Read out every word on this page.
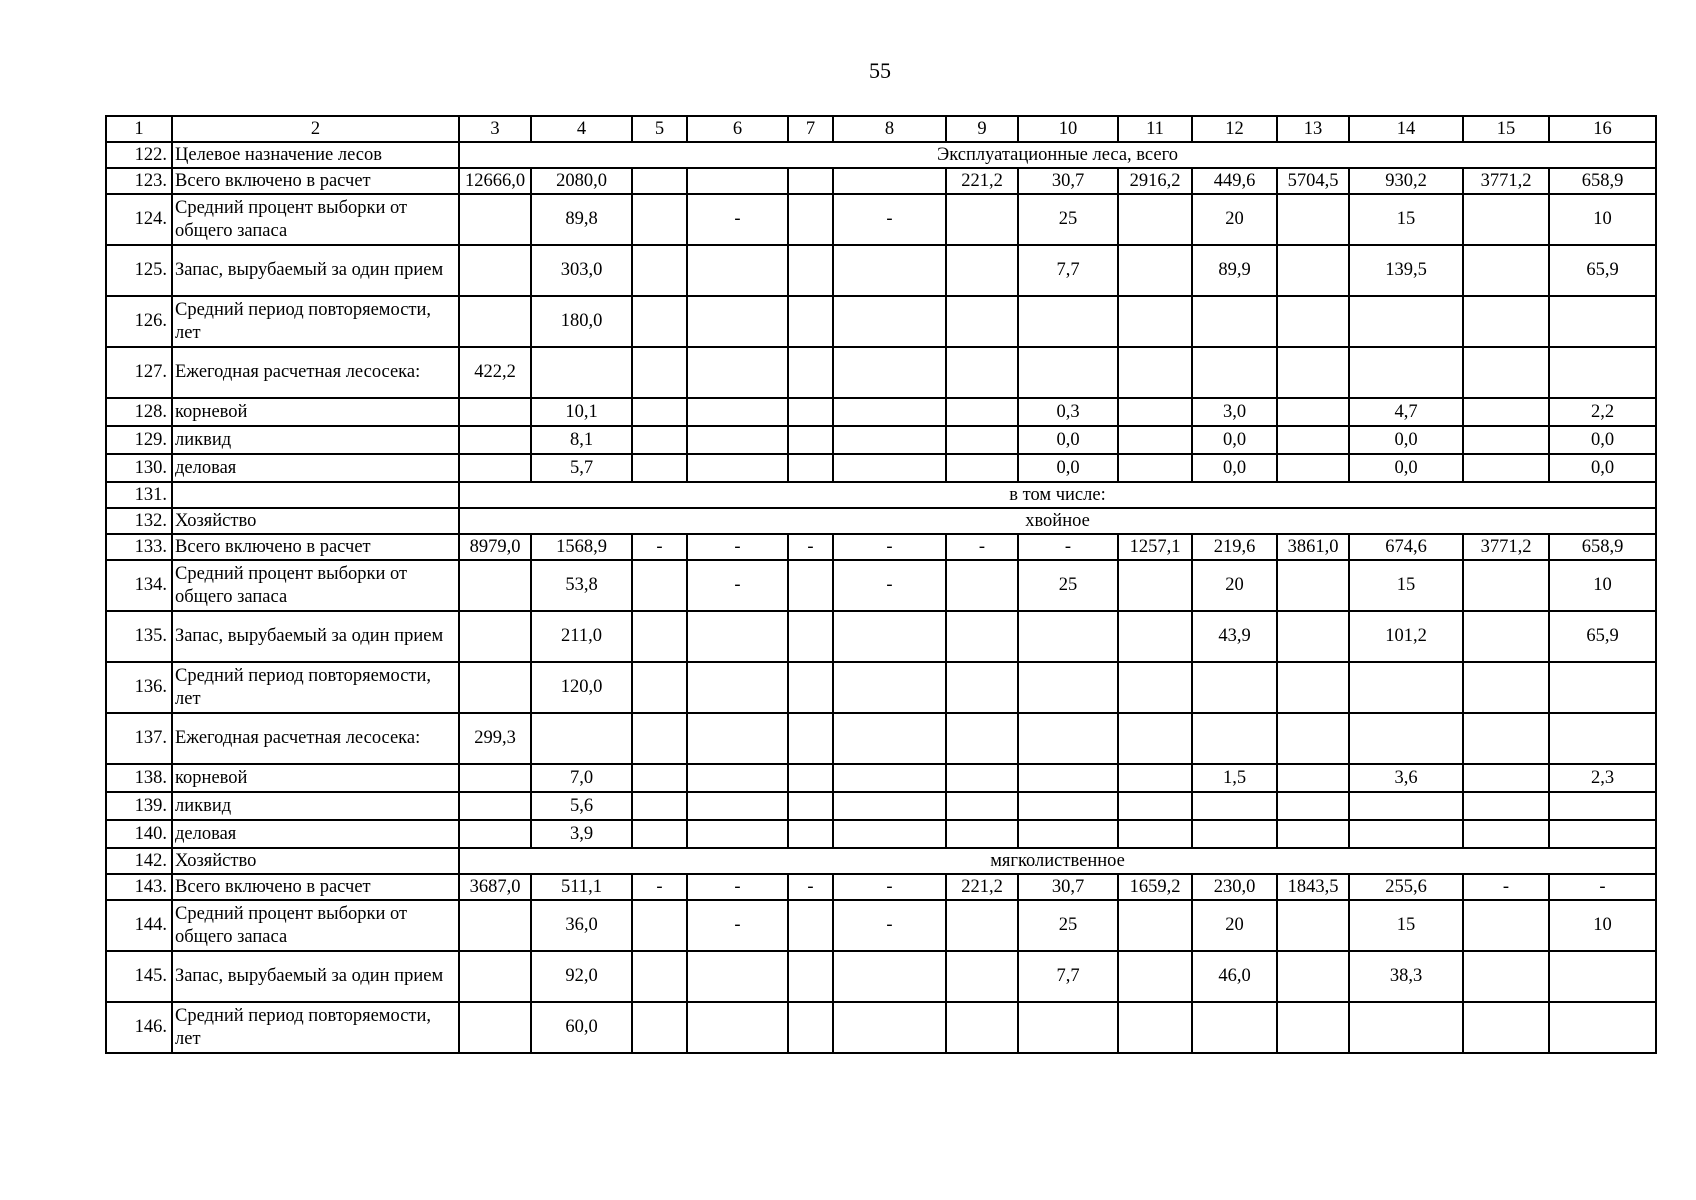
55
1	2	3	4	5	6	7	8	9	10	11	12	13	14	15	16
122.	Целевое назначение лесов	Эксплуатационные леса, всего													
123.	Всего включено в расчет	12666,0	2080,0					221,2	30,7	2916,2	449,6	5704,5	930,2	3771,2	658,9
124.	Средний процент выборки от общего запаса		89,8		-		-		25		20		15		10
125.	Запас, вырубаемый за один прием		303,0						7,7		89,9		139,5		65,9
126.	Средний период повторяемости, лет		180,0												
127.	Ежегодная расчетная лесосека:	422,2													
128.	корневой		10,1						0,3		3,0		4,7		2,2
129.	ликвид		8,1						0,0		0,0		0,0		0,0
130.	деловая		5,7						0,0		0,0		0,0		0,0
131.		в том числе:													
132.	Хозяйство	хвойное													
133.	Всего включено в расчет	8979,0	1568,9	-	-	-	-	-	-	1257,1	219,6	3861,0	674,6	3771,2	658,9
134.	Средний процент выборки от общего запаса		53,8		-		-		25		20		15		10
135.	Запас, вырубаемый за один прием		211,0								43,9		101,2		65,9
136.	Средний период повторяемости, лет		120,0												
137.	Ежегодная расчетная лесосека:	299,3													
138.	корневой		7,0								1,5		3,6		2,3
139.	ликвид		5,6												
140.	деловая		3,9												
142.	Хозяйство	мягколиственное													
143.	Всего включено в расчет	3687,0	511,1	-	-	-	-	221,2	30,7	1659,2	230,0	1843,5	255,6	-	-
144.	Средний процент выборки от общего запаса		36,0		-		-		25		20		15		10
145.	Запас, вырубаемый за один прием		92,0						7,7		46,0		38,3		
146.	Средний период повторяемости, лет		60,0												
